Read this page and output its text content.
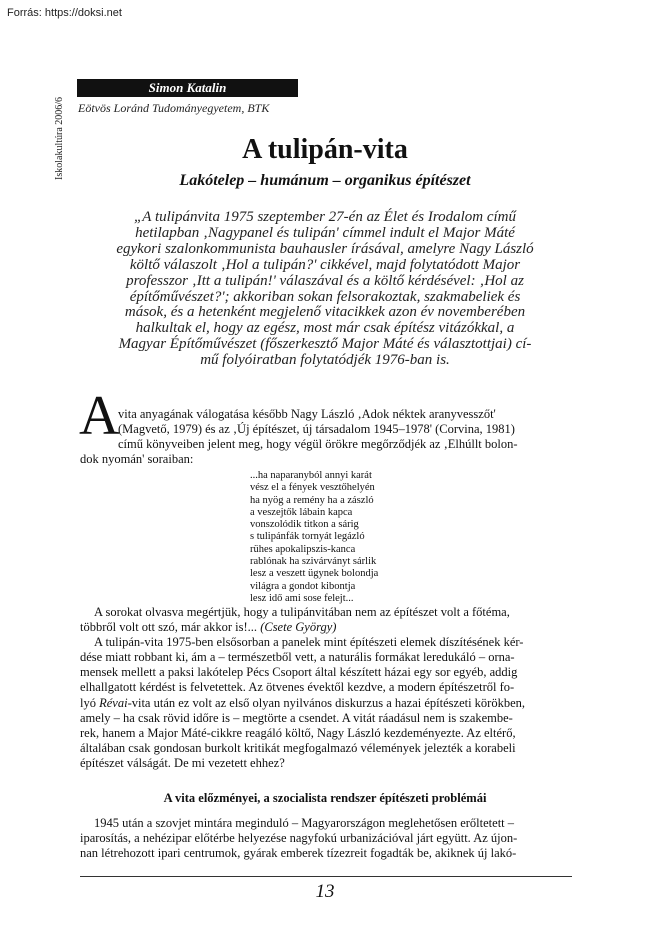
Forrás: https://doksi.net
Iskolakultúra 2006/6
Simon Katalin
Eötvös Loránd Tudományegyetem, BTK
A tulipán-vita
Lakótelep – humánum – organikus építészet
„A tulipánvita 1975 szeptember 27-én az Élet és Irodalom című
hetilapban ‚Nagypanel és tulipán' címmel indult el Major Máté
egykori szalonkommunista bauhausler írásával, amelyre Nagy László
költő válaszolt ‚Hol a tulipán?' cikkével, majd folytatódott Major
professzor ‚Itt a tulipán!' válaszával és a költő kérdésével: ‚Hol az
építőművészet?'; akkoriban sokan felsorakoztak, szakmabeliek és
mások, és a hetenként megjelenő vitacikkek azon év novemberében
halkultak el, hogy az egész, most már csak építész vitázókkal, a
Magyar Építőművészet (főszerkesztő Major Máté és választottjai) cí-
mű folyóiratban folytatódjék 1976-ban is.
A
vita anyagának válogatása később Nagy László ‚Adok néktek aranyvesszőt'
(Magvető, 1979) és az ‚Új építészet, új társadalom 1945–1978' (Corvina, 1981)
című könyveiben jelent meg, hogy végül örökre megőrződjék az ‚Elhúllt bolon-
dok nyomán' soraiban:
...ha naparanyból annyi karát
vész el a fények vesztőhelyén
ha nyög a remény ha a zászló
a veszejtők lábain kapca
vonszolódik titkon a sárig
s tulipánfák tornyát legázló
rühes apokalipszis-kanca
rablónak ha szivárványt sárlik
lesz a veszett ügynek bolondja
világra a gondot kibontja
lesz idő ami sose felejt...
A sorokat olvasva megértjük, hogy a tulipánvitában nem az építészet volt a főtéma,
többről volt ott szó, már akkor is!... (Csete György)
A tulipán-vita 1975-ben elsősorban a panelek mint építészeti elemek díszítésének kér-
dése miatt robbant ki, ám a – természetből vett, a naturális formákat leredukáló – orna-
mensek mellett a paksi lakótelep Pécs Csoport által készített házai egy sor egyéb, addig
elhallgatott kérdést is felvetettek. Az ötvenes évektől kezdve, a modern építészetről fo-
lyó Révai-vita után ez volt az első olyan nyilvános diskurzus a hazai építészeti körökben,
amely – ha csak rövid időre is – megtörte a csendet. A vitát ráadásul nem is szakembe-
rek, hanem a Major Máté-cikkre reagáló költő, Nagy László kezdeményezte. Az eltérő,
általában csak gondosan burkolt kritikát megfogalmazó vélemények jelezték a korabeli
építészet válságát. De mi vezetett ehhez?
A vita előzményei, a szocialista rendszer építészeti problémái
1945 után a szovjet mintára meginduló – Magyarországon meglehetősen erőltetett –
iparosítás, a nehézipar előtérbe helyezése nagyfokú urbanizációval járt együtt. Az újon-
nan létrehozott ipari centrumok, gyárak emberek tízezreit fogadták be, akiknek új lakó-
13
